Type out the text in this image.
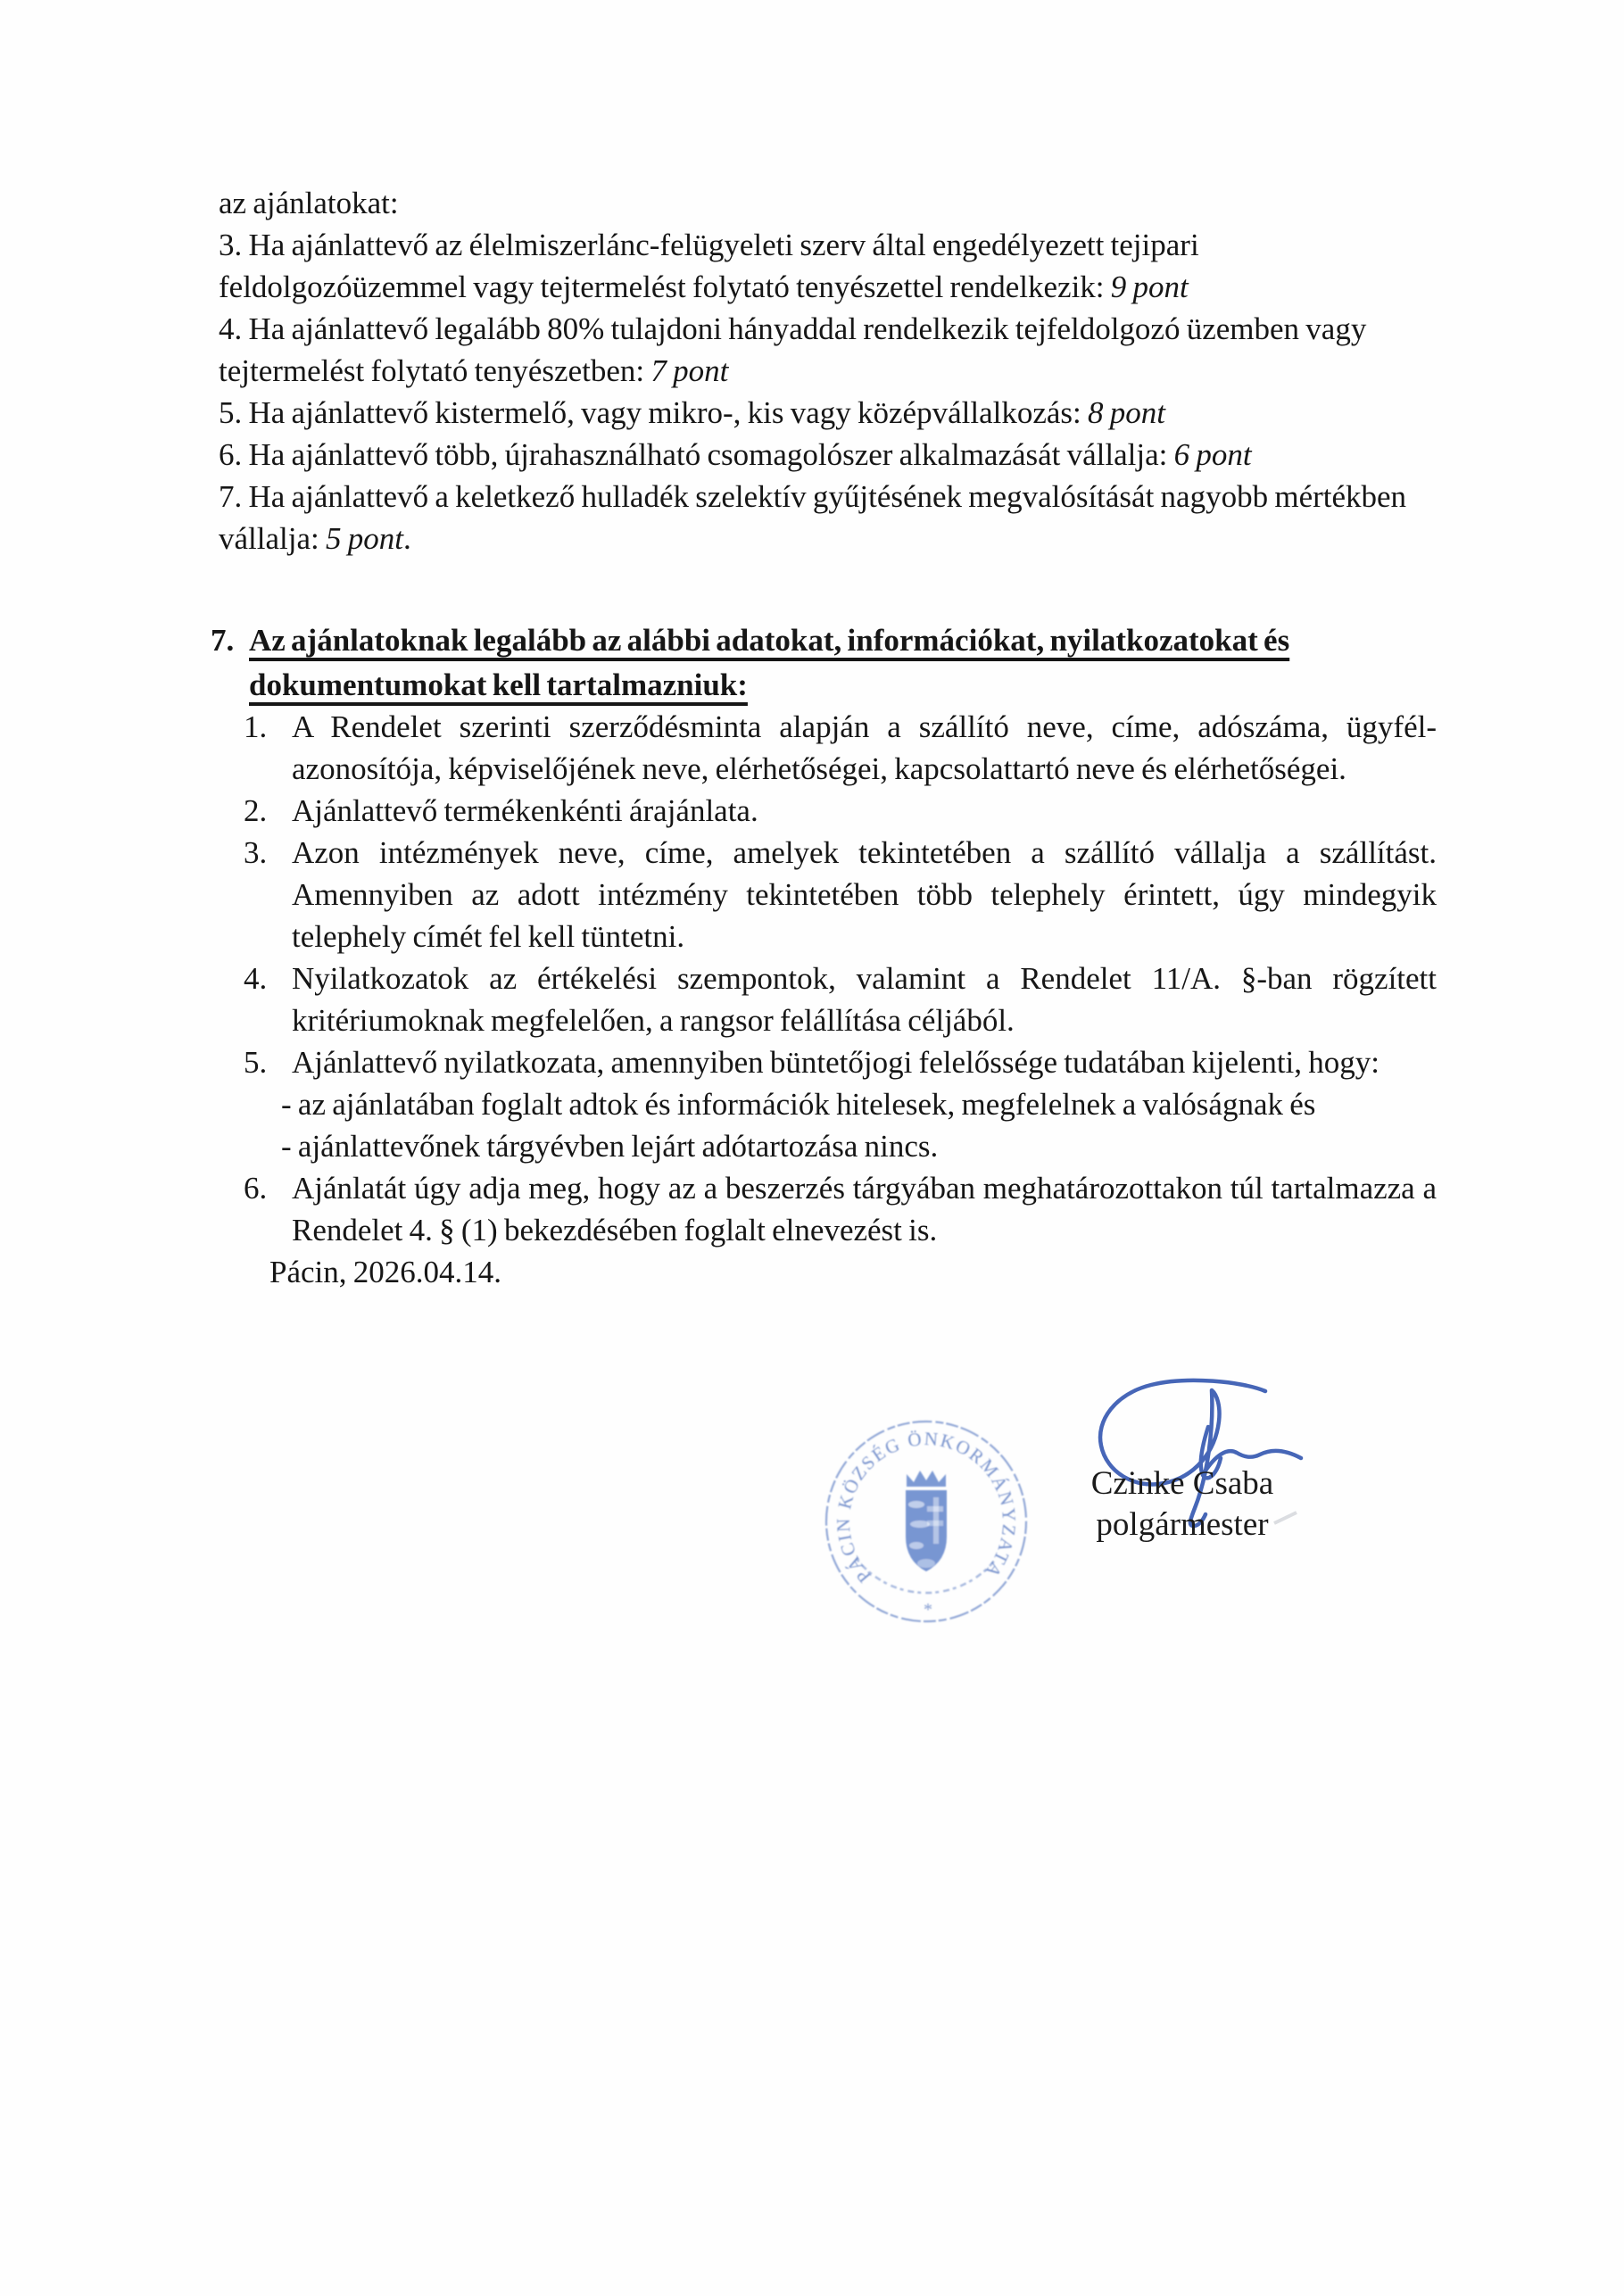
az ajánlatokat:

3. Ha ajánlattevő az élelmiszerlánc-felügyeleti szerv által engedélyezett tejipari feldolgozóüzemmel vagy tejtermelést folytató tenyészettel rendelkezik: 9 pont

4. Ha ajánlattevő legalább 80% tulajdoni hányaddal rendelkezik tejfeldolgozó üzemben vagy tejtermelést folytató tenyészetben: 7 pont

5. Ha ajánlattevő kistermelő, vagy mikro-, kis vagy középvállalkozás: 8 pont

6. Ha ajánlattevő több, újrahasználható csomagolószer alkalmazását vállalja: 6 pont

7. Ha ajánlattevő a keletkező hulladék szelektív gyűjtésének megvalósítását nagyobb mértékben vállalja: 5 pont.

7. Az ajánlatoknak legalább az alábbi adatokat, információkat, nyilatkozatokat és dokumentumokat kell tartalmazniuk:
1. A Rendelet szerinti szerződésminta alapján a szállító neve, címe, adószáma, ügyfél-azonosítója, képviselőjének neve, elérhetőségei, kapcsolattartó neve és elérhetőségei.
2. Ajánlattevő termékenkénti árajánlata.
3. Azon intézmények neve, címe, amelyek tekintetében a szállító vállalja a szállítást. Amennyiben az adott intézmény tekintetében több telephely érintett, úgy mindegyik telephely címét fel kell tüntetni.
4. Nyilatkozatok az értékelési szempontok, valamint a Rendelet 11/A. §-ban rögzített kritériumoknak megfelelően, a rangsor felállítása céljából.
5. Ajánlattevő nyilatkozata, amennyiben büntetőjogi felelőssége tudatában kijelenti, hogy:
- az ajánlatában foglalt adtok és információk hitelesek, megfelelnek a valóságnak és
- ajánlattevőnek tárgyévben lejárt adótartozása nincs.
6. Ajánlatát úgy adja meg, hogy az a beszerzés tárgyában meghatározottakon túl tartalmazza a Rendelet 4. § (1) bekezdésében foglalt elnevezést is.

Pácin, 2026.04.14.

PÁCIN KÖZSÉG ÖNKORMÁNYZATA
*
Czinke Csaba
polgármester
